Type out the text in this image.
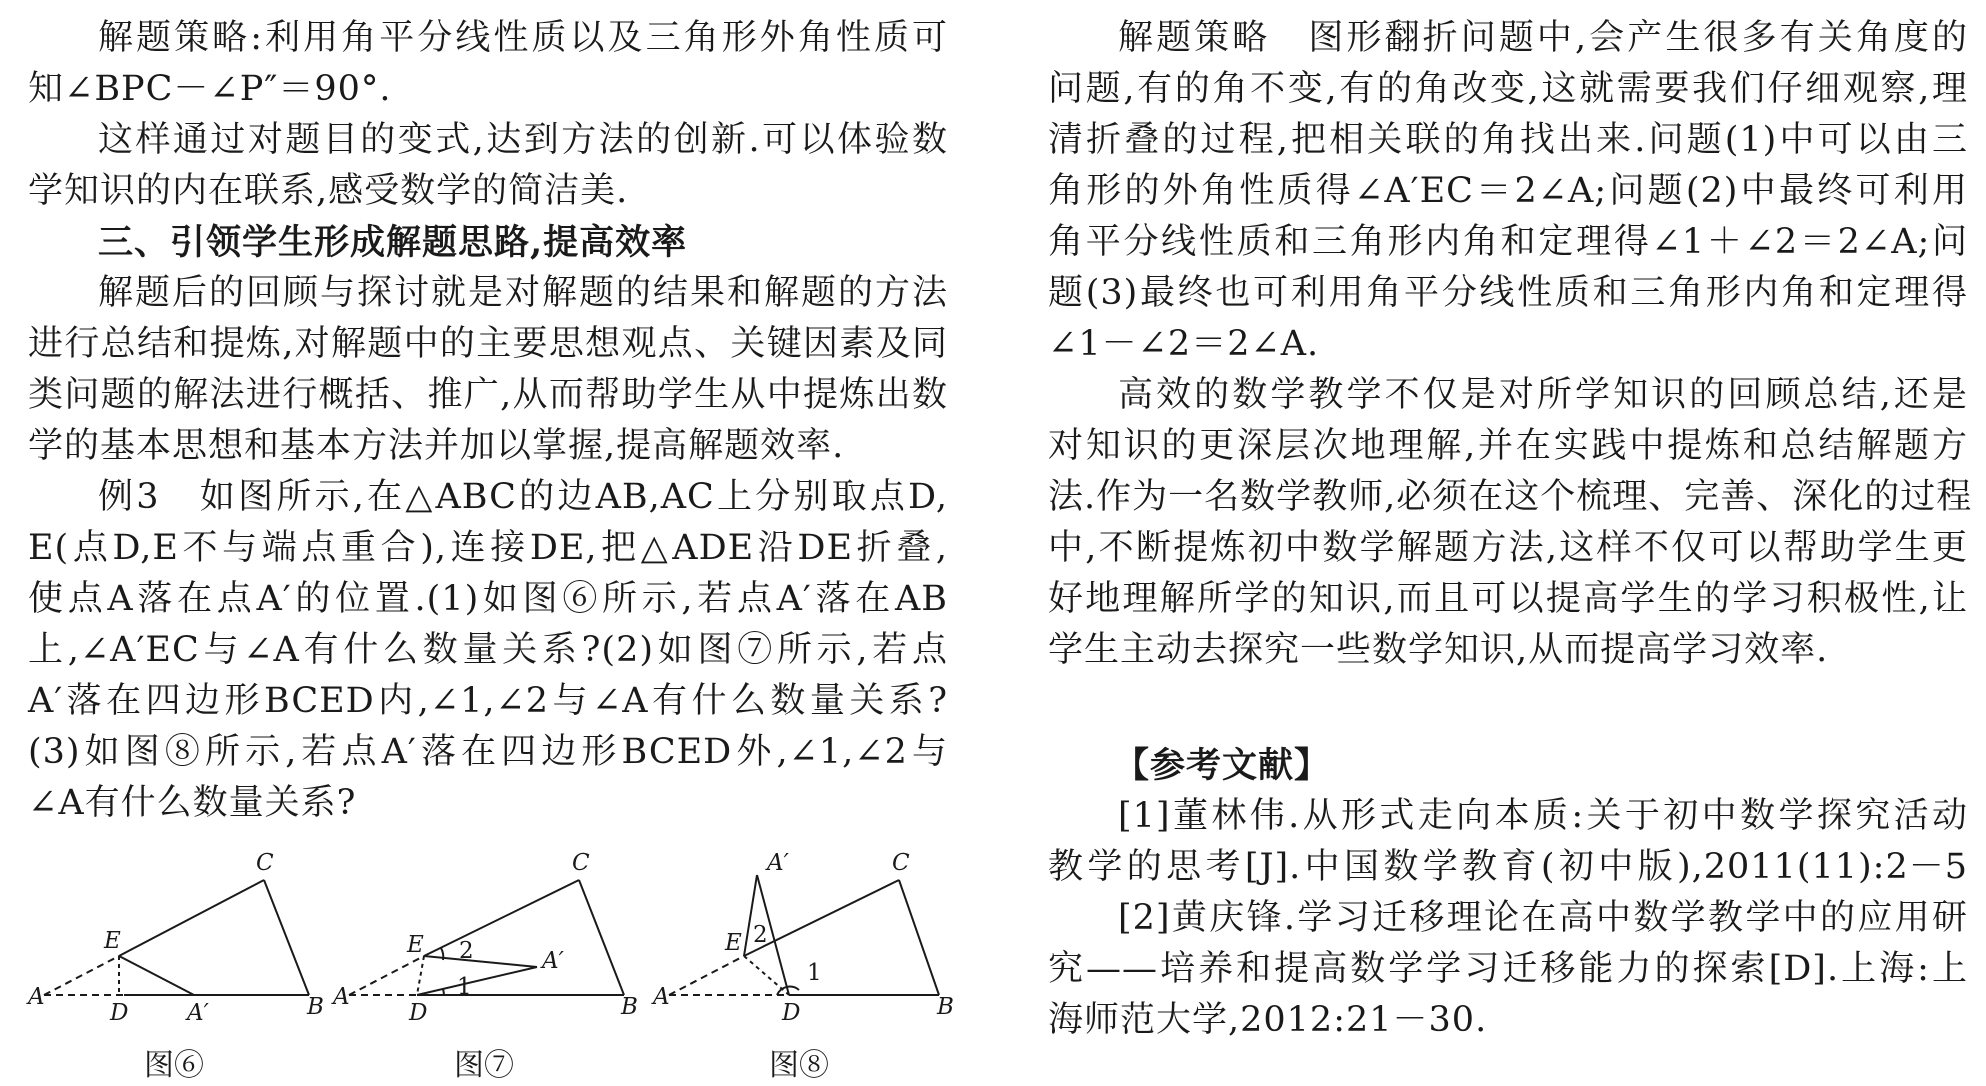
解题策略:利用角平分线性质以及三角形外角性质可
知∠BPC－∠P″＝90°.
这样通过对题目的变式,达到方法的创新.可以体验数
学知识的内在联系,感受数学的简洁美.
三、引领学生形成解题思路,提高效率
解题后的回顾与探讨就是对解题的结果和解题的方法
进行总结和提炼,对解题中的主要思想观点、关键因素及同
类问题的解法进行概括、推广,从而帮助学生从中提炼出数
学的基本思想和基本方法并加以掌握,提高解题效率.
例3　如图所示,在△ABC的边AB,AC上分别取点D,
E(点D,E不与端点重合),连接DE,把△ADE沿DE折叠,
使点A落在点A′的位置.(1)如图⑥所示,若点A′落在AB
上,∠A′EC与∠A有什么数量关系?(2)如图⑦所示,若点
A′落在四边形BCED内,∠1,∠2与∠A有什么数量关系?
(3)如图⑧所示,若点A′落在四边形BCED外,∠1,∠2与
∠A有什么数量关系?
A	B
C
D
E
A′
图⑥
A	B
C
D
E
A′
2
1
图⑦
A	B
C
D
E
A′
2
1
图⑧
解题策略　图形翻折问题中,会产生很多有关角度的
问题,有的角不变,有的角改变,这就需要我们仔细观察,理
清折叠的过程,把相关联的角找出来.问题(1)中可以由三
角形的外角性质得∠A′EC＝2∠A;问题(2)中最终可利用
角平分线性质和三角形内角和定理得∠1＋∠2＝2∠A;问
题(3)最终也可利用角平分线性质和三角形内角和定理得
∠1－∠2＝2∠A.
高效的数学教学不仅是对所学知识的回顾总结,还是
对知识的更深层次地理解,并在实践中提炼和总结解题方
法.作为一名数学教师,必须在这个梳理、完善、深化的过程
中,不断提炼初中数学解题方法,这样不仅可以帮助学生更
好地理解所学的知识,而且可以提高学生的学习积极性,让
学生主动去探究一些数学知识,从而提高学习效率.
【参考文献】
[1]董林伟.从形式走向本质:关于初中数学探究活动
教学的思考[J].中国数学教育(初中版),2011(11):2－5
[2]黄庆锋.学习迁移理论在高中数学教学中的应用研
究——培养和提高数学学习迁移能力的探索[D].上海:上
海师范大学,2012:21－30.
